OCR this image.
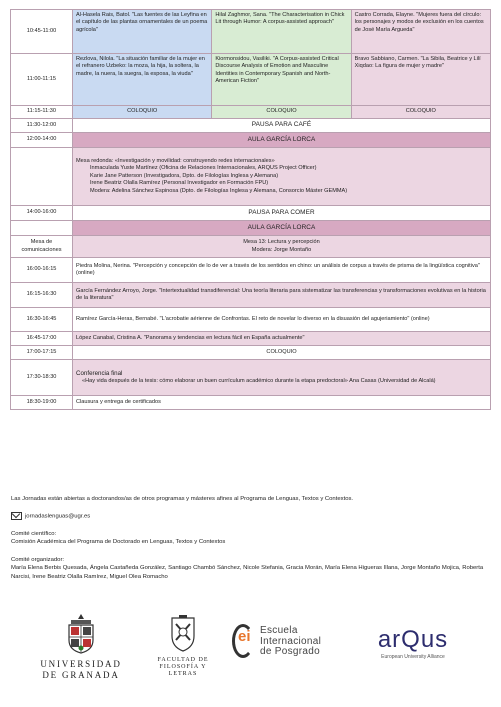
10:45-11:00	Al-Hasela Rais, Batol. "Las fuentes de las Leyfina en el capítulo de las plantas ornamentales de un poema agrícola"	Hilal Zaghmor, Sana. "The Characterisation in Chick Lit through Humor: A corpus-assisted approach"	Castro Corrada, Elayne. "Mujeres fuera del círculo: los personajes y modos de exclusión en los cuentos de José María Argueda"
11:00-11:15	Rezlova, Nilola. "La situación familiar de la mujer en el refranero Uzbeko: la moza, la hija, la soltera, la madre, la nuera, la suegra, la esposa, la viuda"	Kiormonsidou, Vasiliki. "A Corpus-assisted Critical Discourse Analysis of Emotion and Masculine Identities in Contemporary Spanish and North-American Fiction"	Bravo Sabbiano, Carmen. "La Sibila, Beatrice y Lilí Xiqdao: La figura de mujer y madre"
11:15-11:30	COLOQUIO	COLOQUIO	COLOQUIO
11:30-12:00	PAUSA PARA CAFÉ		
12:00-14:00	AULA GARCÍA LORCA		

	Mesa redonda: «Investigación y movilidad: construyendo redes internacionales»
Inmaculada Yuste Martínez (Oficina de Relaciones Internacionales, ARQUS Project Officer)
Karie Jane Patterson (Investigadora, Dpto. de Filologías Inglesa y Alemana)
Irene Beatriz Olalla Ramírez (Personal Investigador en Formación FPU)
Modera: Adelina Sánchez Espinosa (Dpto. de Filologías Inglesa y Alemana, Consorcio Máster GEMMA)		

14:00-16:00	PAUSA PARA COMER		
	AULA GARCÍA LORCA		
Mesa de comunicaciones	Mesa 13: Lectura y percepción
Modera: Jorge Montaño		

16:00-16:15	Piedra Molina, Nerina. "Percepción y concepción de lo de ver a través de los sentidos en chino: un análisis de corpus a través de prisma de la lingüística cognitiva" (online)		
16:15-16:30	García Fernández Arroyo, Jorge. "Intertextualidad transdiferencial: Una teoría literaria para sistematizar las transferencias y transformaciones evolutivas en la historia de la literatura"		
16:30-16:45	Ramírez García-Heras, Bernabé. "L'acrobatie aérienne de Confrontas. El reto de novelar lo diverso en la disuasión del agujeriamiento" (online)		
16:45-17:00	López Canabal, Cristina A. "Panorama y tendencias en lectura fácil en España actualmente"		
17:00-17:15	COLOQUIO		
17:30-18:30	Conferencia final
«Hay vida después de la tesis: cómo elaborar un buen currículum académico durante la etapa predoctoral» Ana Casas (Universidad de Alcalá)		

18:30-19:00	Clausura y entrega de certificados		
Las Jornadas están abiertas a doctorandos/as de otros programas y másteres afines al Programa de Lenguas, Textos y Contextos.
jornadaslenguas@ugr.es
Comité científico:
Comisión Académica del Programa de Doctorado en Lenguas, Textos y Contextos
Comité organizador:
María Elena Berbis Quesada, Ángela Castañeda González, Santiago Chambó Sánchez, Nicole Stefania, Gracia Morán, María Elena Higueras Illana, Jorge Montaño Mojica, Roberta Narcisi, Irene Beatriz Olalla Ramírez, Miguel Olea Romacho
UNIVERSIDAD
DE GRANADA
FACULTAD DE
FILOSOFÍA Y LETRAS
ei Escuela
Internacional
de Posgrado	arQus
European University Alliance
